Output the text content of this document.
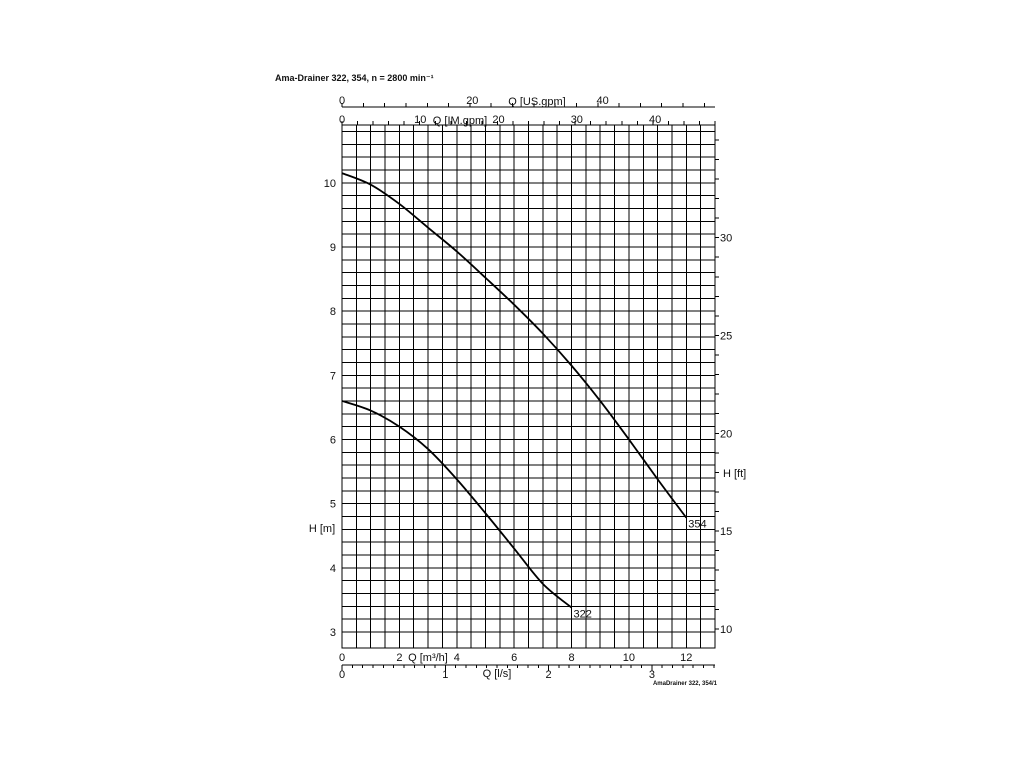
Ama-Drainer 322, 354, n = 2800 min⁻¹
0	20	40
Q [US.gpm]
0	10	20	30	40
Q [IM.gpm]
0	2	4	6	8	10	12
Q [m³/h]
0	1	2	3
Q [l/s]
3
4
5
6
7
8
9
10
H [m]
10
15
20
25
30
H [ft]
354
322
AmaDrainer 322, 354/1
